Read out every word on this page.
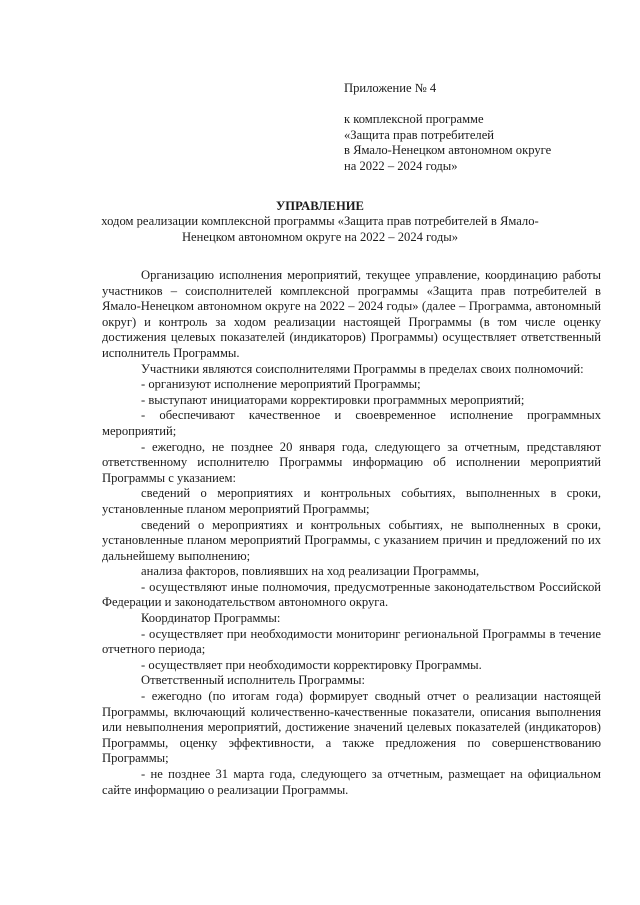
Приложение № 4
к комплексной программе
«Защита прав потребителей
в Ямало-Ненецком автономном округе
на 2022 – 2024 годы»
УПРАВЛЕНИЕ
ходом реализации комплексной программы «Защита прав потребителей в Ямало-Ненецком автономном округе на 2022 – 2024 годы»

Организацию исполнения мероприятий, текущее управление, координацию работы участников – соисполнителей комплексной программы «Защита прав потребителей в Ямало-Ненецком автономном округе на 2022 – 2024 годы» (далее – Программа, автономный округ) и контроль за ходом реализации настоящей Программы (в том числе оценку достижения целевых показателей (индикаторов) Программы) осуществляет ответственный исполнитель Программы.

Участники являются соисполнителями Программы в пределах своих полномочий:

- организуют исполнение мероприятий Программы;

- выступают инициаторами корректировки программных мероприятий;

- обеспечивают качественное и своевременное исполнение программных мероприятий;

- ежегодно, не позднее 20 января года, следующего за отчетным, представляют ответственному исполнителю Программы информацию об исполнении мероприятий Программы с указанием:

сведений о мероприятиях и контрольных событиях, выполненных в сроки, установленные планом мероприятий Программы;

сведений о мероприятиях и контрольных событиях, не выполненных в сроки, установленные планом мероприятий Программы, с указанием причин и предложений по их дальнейшему выполнению;

анализа факторов, повлиявших на ход реализации Программы,

- осуществляют иные полномочия, предусмотренные законодательством Российской Федерации и законодательством автономного округа.

Координатор Программы:

- осуществляет при необходимости мониторинг региональной Программы в течение отчетного периода;

- осуществляет при необходимости корректировку Программы.

Ответственный исполнитель Программы:

- ежегодно (по итогам года) формирует сводный отчет о реализации настоящей Программы, включающий количественно-качественные показатели, описания выполнения или невыполнения мероприятий, достижение значений целевых показателей (индикаторов) Программы, оценку эффективности, а также предложения по совершенствованию Программы;

- не позднее 31 марта года, следующего за отчетным, размещает на официальном сайте информацию о реализации Программы.
